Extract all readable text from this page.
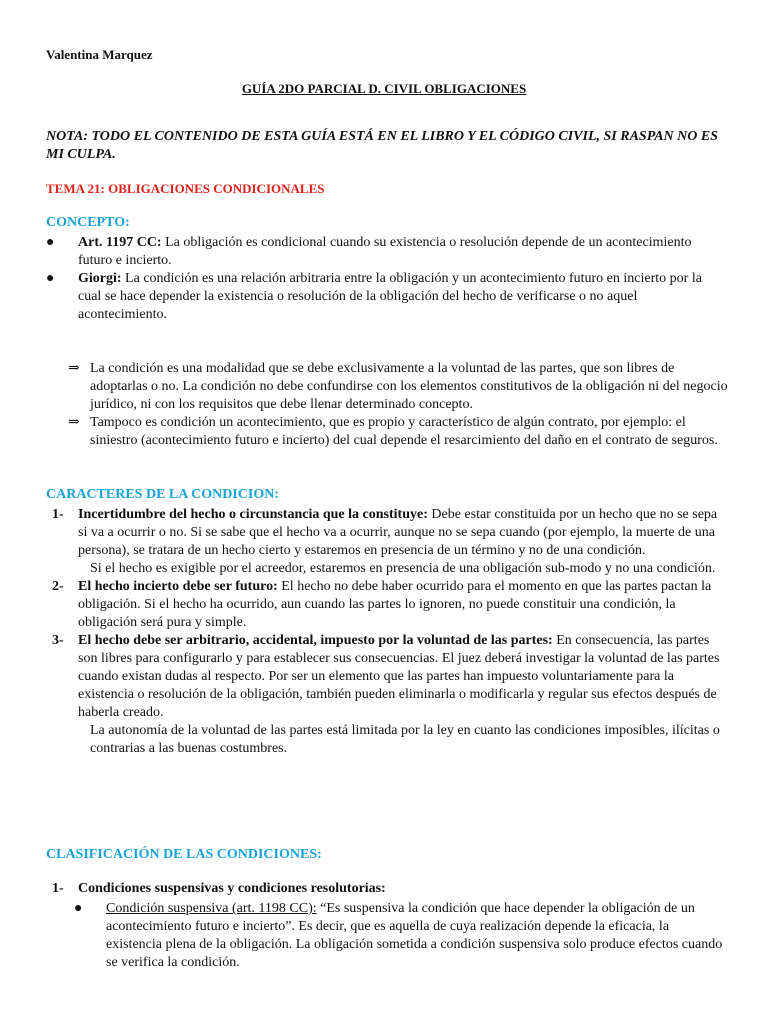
Valentina Marquez
GUÍA 2DO PARCIAL D. CIVIL OBLIGACIONES
NOTA: TODO EL CONTENIDO DE ESTA GUÍA ESTÁ EN EL LIBRO Y EL CÓDIGO CIVIL, SI RASPAN NO ES MI CULPA.
TEMA 21: OBLIGACIONES CONDICIONALES
CONCEPTO:
● Art. 1197 CC: La obligación es condicional cuando su existencia o resolución depende de un acontecimiento futuro e incierto.
● Giorgi: La condición es una relación arbitraria entre la obligación y un acontecimiento futuro en incierto por la cual se hace depender la existencia o resolución de la obligación del hecho de verificarse o no aquel acontecimiento.
⇒ La condición es una modalidad que se debe exclusivamente a la voluntad de las partes, que son libres de adoptarlas o no. La condición no debe confundirse con los elementos constitutivos de la obligación ni del negocio jurídico, ni con los requisitos que debe llenar determinado concepto.
⇒ Tampoco es condición un acontecimiento, que es propio y característico de algún contrato, por ejemplo: el siniestro (acontecimiento futuro e incierto) del cual depende el resarcimiento del daño en el contrato de seguros.
CARACTERES DE LA CONDICION:
1- Incertidumbre del hecho o circunstancia que la constituye: Debe estar constituida por un hecho que no se sepa si va a ocurrir o no. Si se sabe que el hecho va a ocurrir, aunque no se sepa cuando (por ejemplo, la muerte de una persona), se tratara de un hecho cierto y estaremos en presencia de un término y no de una condición.
Si el hecho es exigible por el acreedor, estaremos en presencia de una obligación sub-modo y no una condición.
2- El hecho incierto debe ser futuro: El hecho no debe haber ocurrido para el momento en que las partes pactan la obligación. Si el hecho ha ocurrido, aun cuando las partes lo ignoren, no puede constituir una condición, la obligación será pura y simple.
3- El hecho debe ser arbitrario, accidental, impuesto por la voluntad de las partes: En consecuencia, las partes son libres para configurarlo y para establecer sus consecuencias. El juez deberá investigar la voluntad de las partes cuando existan dudas al respecto. Por ser un elemento que las partes han impuesto voluntariamente para la existencia o resolución de la obligación, también pueden eliminarla o modificarla y regular sus efectos después de haberla creado.
La autonomía de la voluntad de las partes está limitada por la ley en cuanto las condiciones imposibles, ilícitas o contrarias a las buenas costumbres.
CLASIFICACIÓN DE LAS CONDICIONES:
1- Condiciones suspensivas y condiciones resolutorias:
● Condición suspensiva (art. 1198 CC): “Es suspensiva la condición que hace depender la obligación de un acontecimiento futuro e incierto”. Es decir, que es aquella de cuya realización depende la eficacia, la existencia plena de la obligación. La obligación sometida a condición suspensiva solo produce efectos cuando se verifica la condición.
